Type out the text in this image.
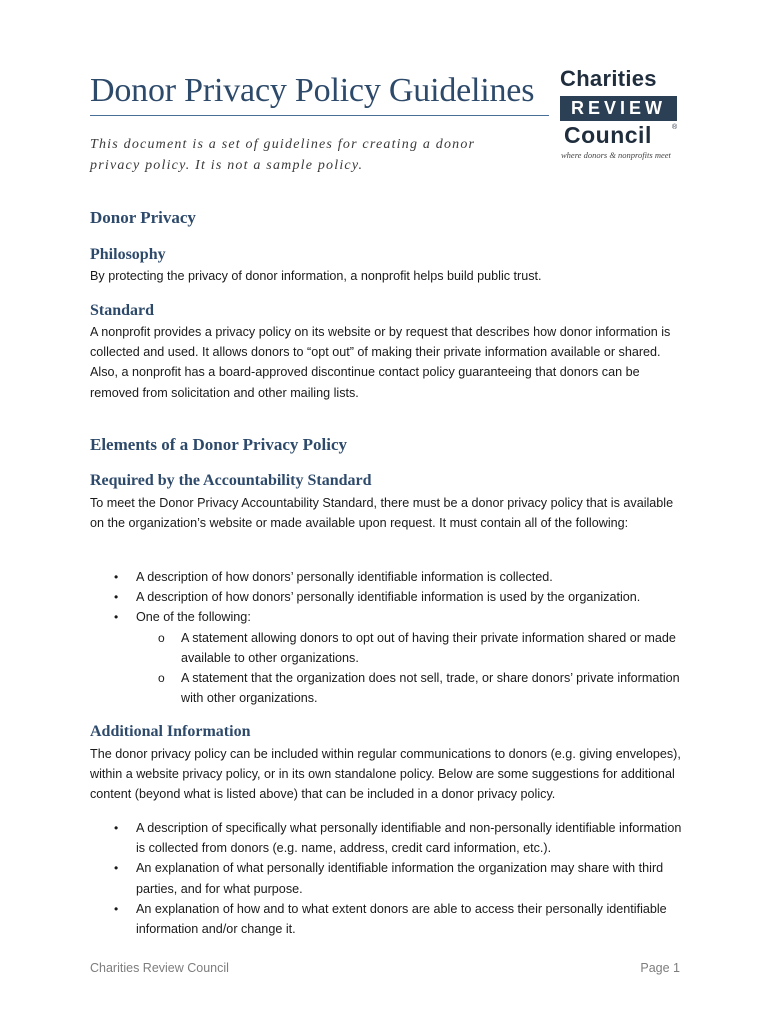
Donor Privacy Policy Guidelines

This document is a set of guidelines for creating a donor privacy policy. It is not a sample policy.

Charities
REVIEW
Council	®
where donors & nonprofits meet
Donor Privacy
Philosophy

By protecting the privacy of donor information, a nonprofit helps build public trust.

Standard

A nonprofit provides a privacy policy on its website or by request that describes how donor information is collected and used. It allows donors to “opt out” of making their private information available or shared. Also, a nonprofit has a board-approved discontinue contact policy guaranteeing that donors can be removed from solicitation and other mailing lists.

Elements of a Donor Privacy Policy
Required by the Accountability Standard

To meet the Donor Privacy Accountability Standard, there must be a donor privacy policy that is available on the organization’s website or made available upon request. It must contain all of the following:

• A description of how donors’ personally identifiable information is collected.
• A description of how donors’ personally identifiable information is used by the organization.
• One of the following:
o A statement allowing donors to opt out of having their private information shared or made available to other organizations.
o A statement that the organization does not sell, trade, or share donors’ private information with other organizations.
Additional Information

The donor privacy policy can be included within regular communications to donors (e.g. giving envelopes), within a website privacy policy, or in its own standalone policy. Below are some suggestions for additional content (beyond what is listed above) that can be included in a donor privacy policy.

• A description of specifically what personally identifiable and non-personally identifiable information is collected from donors (e.g. name, address, credit card information, etc.).
• An explanation of what personally identifiable information the organization may share with third parties, and for what purpose.
• An explanation of how and to what extent donors are able to access their personally identifiable information and/or change it.
Charities Review Council	Page 1
